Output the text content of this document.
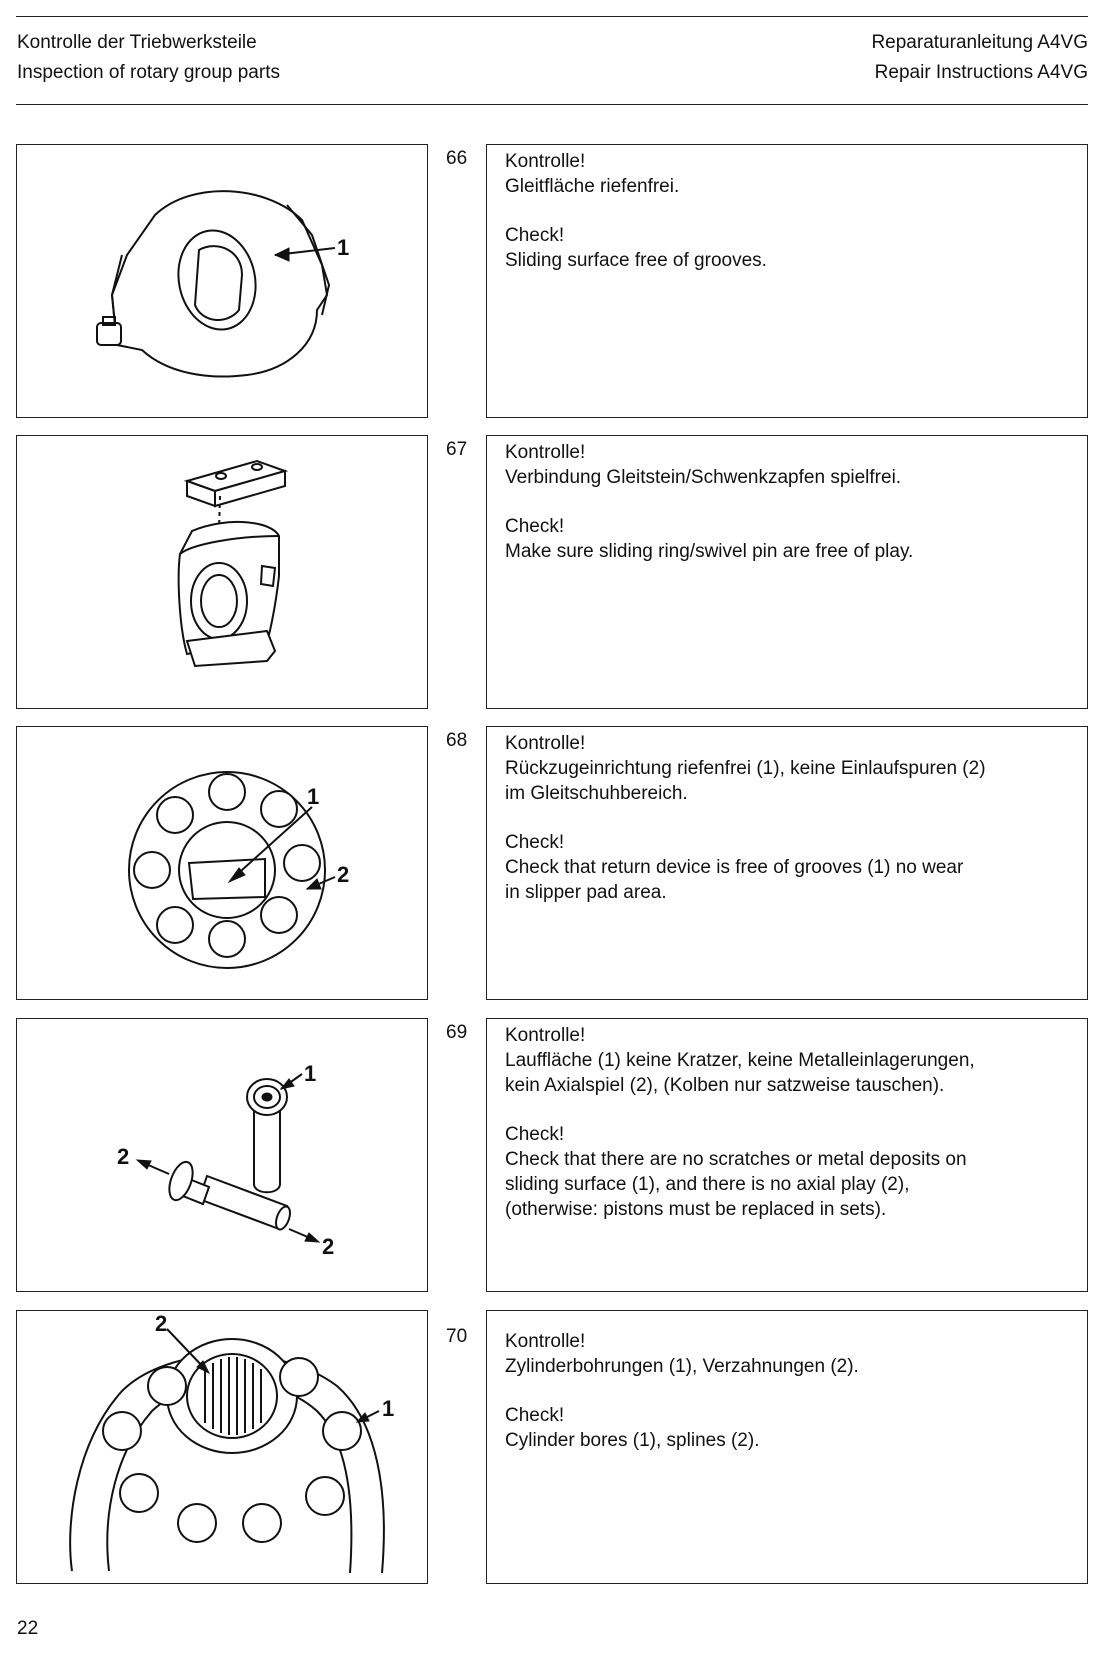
Kontrolle der Triebwerksteile
Inspection of rotary group parts
Reparaturanleitung A4VG
Repair Instructions A4VG
1
66 Kontrolle!
Gleitfläche riefenfrei.
Check!
Sliding surface free of grooves.
67 Kontrolle!
Verbindung Gleitstein/Schwenkzapfen spielfrei.
Check!
Make sure sliding ring/swivel pin are free of play.
1
2
68 Kontrolle!
Rückzugeinrichtung riefenfrei (1), keine Einlaufspuren (2)
im Gleitschuhbereich.
Check!
Check that return device is free of grooves (1) no wear
in slipper pad area.
1
2
2
69 Kontrolle!
Lauffläche (1) keine Kratzer, keine Metalleinlagerungen,
kein Axialspiel (2), (Kolben nur satzweise tauschen).
Check!
Check that there are no scratches or metal deposits on
sliding surface (1), and there is no axial play (2),
(otherwise: pistons must be replaced in sets).
2
1
70 Kontrolle!
Zylinderbohrungen (1), Verzahnungen (2).
Check!
Cylinder bores (1), splines (2).
22
